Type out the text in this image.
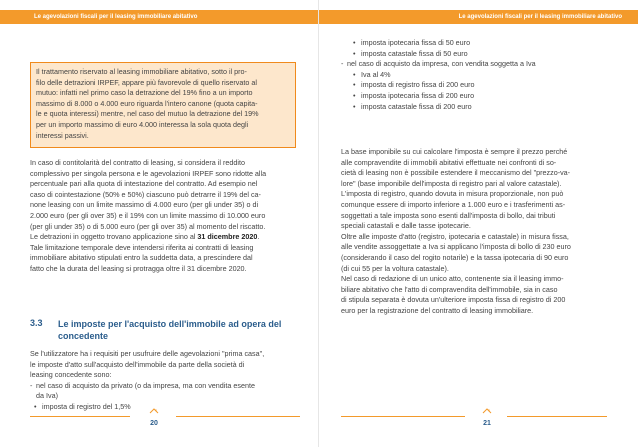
Le agevolazioni fiscali per il leasing immobiliare abitativo

Il trattamento riservato al leasing immobiliare abitativo, sotto il pro-

filo delle detrazioni IRPEF, appare più favorevole di quello riservato al

mutuo: infatti nel primo caso la detrazione del 19% fino a un importo

massimo di 8.000 o 4.000 euro riguarda l'intero canone (quota capita-

le e quota interessi) mentre, nel caso del mutuo la detrazione del 19%

per un importo massimo di euro 4.000 interessa la sola quota degli

interessi passivi.

In caso di contitolarità del contratto di leasing, si considera il reddito
complessivo per singola persona e le agevolazioni IRPEF sono ridotte alla
percentuale pari alla quota di intestazione del contratto. Ad esempio nel
caso di cointestazione (50% e 50%) ciascuno può detrarre il 19% del ca-
none leasing con un limite massimo di 4.000 euro (per gli under 35) o di
2.000 euro (per gli over 35) e il 19% con un limite massimo di 10.000 euro
(per gli under 35) o di 5.000 euro (per gli over 35) al momento del riscatto.
Le detrazioni in oggetto trovano applicazione sino al 31 dicembre 2020.
Tale limitazione temporale deve intendersi riferita ai contratti di leasing
immobiliare abitativo stipulati entro la suddetta data, a prescindere dal
fatto che la durata del leasing si protragga oltre il 31 dicembre 2020.
3.3 Le imposte per l'acquisto dell'immobile ad opera del
concedente
Se l'utilizzatore ha i requisiti per usufruire delle agevolazioni "prima casa",
le imposte d'atto sull'acquisto dell'immobile da parte della società di
leasing concedente sono:
- nel caso di acquisto da privato (o da impresa, ma con vendita esente
da Iva)
• imposta di registro del 1,5%
20
Le agevolazioni fiscali per il leasing immobiliare abitativo
• imposta ipotecaria fissa di 50 euro
• imposta catastale fissa di 50 euro
- nel caso di acquisto da impresa, con vendita soggetta a Iva
• Iva al 4%
• imposta di registro fissa di 200 euro
• imposta ipotecaria fissa di 200 euro
• imposta catastale fissa di 200 euro
La base imponibile su cui calcolare l'imposta è sempre il prezzo perché
alle compravendite di immobili abitativi effettuate nei confronti di so-
cietà di leasing non è possibile estendere il meccanismo del "prezzo-va-
lore" (base imponibile dell'imposta di registro pari al valore catastale).
L'imposta di registro, quando dovuta in misura proporzionale, non può
comunque essere di importo inferiore a 1.000 euro e i trasferimenti as-
soggettati a tale imposta sono esenti dall'imposta di bollo, dai tributi
speciali catastali e dalle tasse ipotecarie.
Oltre alle imposte d'atto (registro, ipotecaria e catastale) in misura fissa,
alle vendite assoggettate a Iva si applicano l'imposta di bollo di 230 euro
(considerando il caso del rogito notarile) e la tassa ipotecaria di 90 euro
(di cui 55 per la voltura catastale).
Nel caso di redazione di un unico atto, contenente sia il leasing immo-
biliare abitativo che l'atto di compravendita dell'immobile, sia in caso
di stipula separata è dovuta un'ulteriore imposta fissa di registro di 200
euro per la registrazione del contratto di leasing immobiliare.
21
